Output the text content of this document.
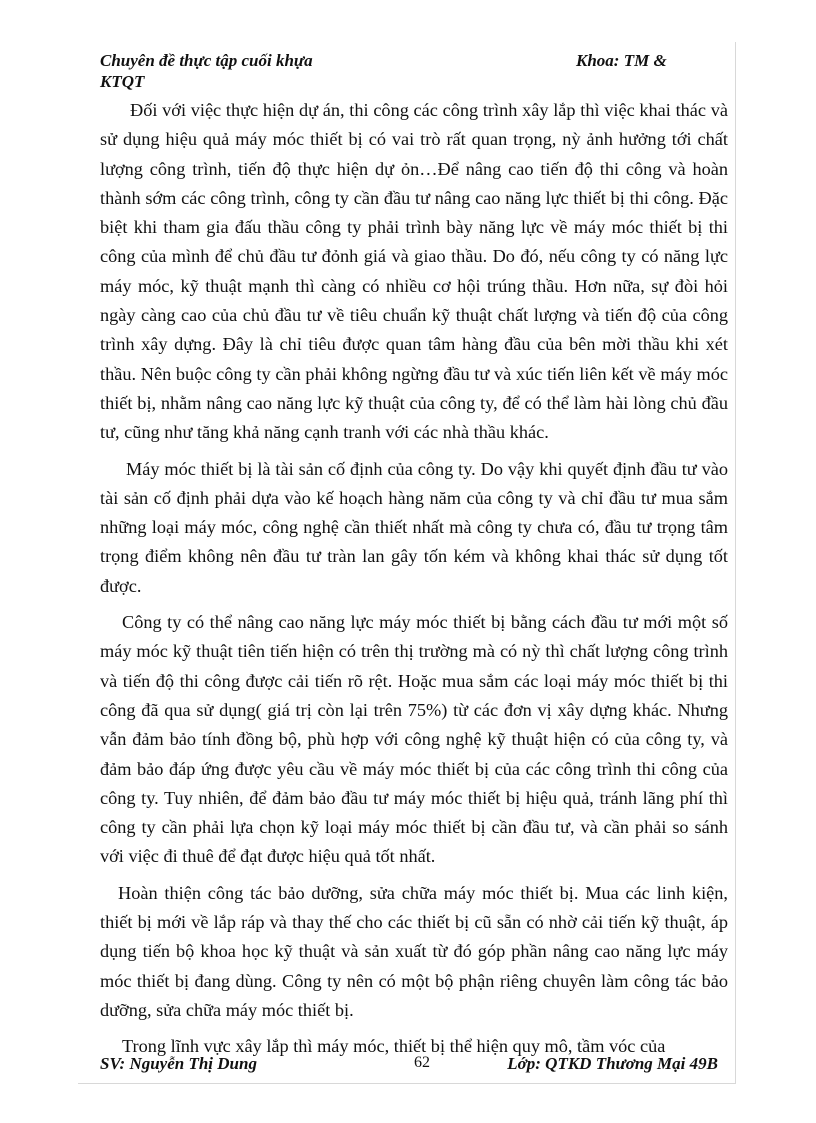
Chuyên đề thực tập cuối khựa	Khoa: TM &
KTQT

Đối với việc thực hiện dự án, thi công các công trình xây lắp thì việc khai thác và sử dụng hiệu quả máy móc thiết bị có vai trò rất quan trọng, nỳ ảnh hưởng tới chất lượng công trình, tiến độ thực hiện dự ỏn…Để nâng cao tiến độ thi công và hoàn thành sớm các công trình, công ty cần đầu tư nâng cao năng lực thiết bị thi công. Đặc biệt khi tham gia đấu thầu công ty phải trình bày năng lực về máy móc thiết bị thi công của mình để chủ đầu tư đỏnh giá và giao thầu. Do đó, nếu công ty có năng lực máy móc, kỹ thuật mạnh thì càng có nhiều cơ hội trúng thầu. Hơn nữa, sự đòi hỏi ngày càng cao của chủ đầu tư về tiêu chuẩn kỹ thuật chất lượng và tiến độ của công trình xây dựng. Đây là chỉ tiêu được quan tâm hàng đầu của bên mời thầu khi xét thầu. Nên buộc công ty cần phải không ngừng đầu tư và xúc tiến liên kết về máy móc thiết bị, nhằm nâng cao năng lực kỹ thuật của công ty, để có thể làm hài lòng chủ đầu tư, cũng như tăng khả năng cạnh tranh với các nhà thầu khác.

Máy móc thiết bị là tài sản cố định của công ty. Do vậy khi quyết định đầu tư vào tài sản cố định phải dựa vào kế hoạch hàng năm của công ty và chỉ đầu tư mua sắm những loại máy móc, công nghệ cần thiết nhất mà công ty chưa có, đầu tư trọng tâm trọng điểm không nên đầu tư tràn lan gây tốn kém và không khai thác sử dụng tốt được.

Công ty có thể nâng cao năng lực máy móc thiết bị bằng cách đầu tư mới một số máy móc kỹ thuật tiên tiến hiện có trên thị trường mà có nỳ thì chất lượng công trình và tiến độ thi công được cải tiến rõ rệt. Hoặc mua sắm các loại máy móc thiết bị thi công đã qua sử dụng( giá trị còn lại trên 75%) từ các đơn vị xây dựng khác. Nhưng vẫn đảm bảo tính đồng bộ, phù hợp với công nghệ kỹ thuật hiện có của công ty, và đảm bảo đáp ứng được yêu cầu về máy móc thiết bị của các công trình thi công của công ty. Tuy nhiên, để đảm bảo đầu tư máy móc thiết bị hiệu quả, tránh lãng phí thì công ty cần phải lựa chọn kỹ loại máy móc thiết bị cần đầu tư, và cần phải so sánh với việc đi thuê để đạt được hiệu quả tốt nhất.

Hoàn thiện công tác bảo dưỡng, sửa chữa máy móc thiết bị. Mua các linh kiện, thiết bị mới về lắp ráp và thay thế cho các thiết bị cũ sẵn có nhờ cải tiến kỹ thuật, áp dụng tiến bộ khoa học kỹ thuật và sản xuất từ đó góp phần nâng cao năng lực máy móc thiết bị đang dùng. Công ty nên có một bộ phận riêng chuyên làm công tác bảo dưỡng, sửa chữa máy móc thiết bị.

Trong lĩnh vực xây lắp thì máy móc, thiết bị thể hiện quy mô, tầm vóc của

SV: Nguyễn Thị Dung	62	Lớp: QTKD Thương Mại 49B
